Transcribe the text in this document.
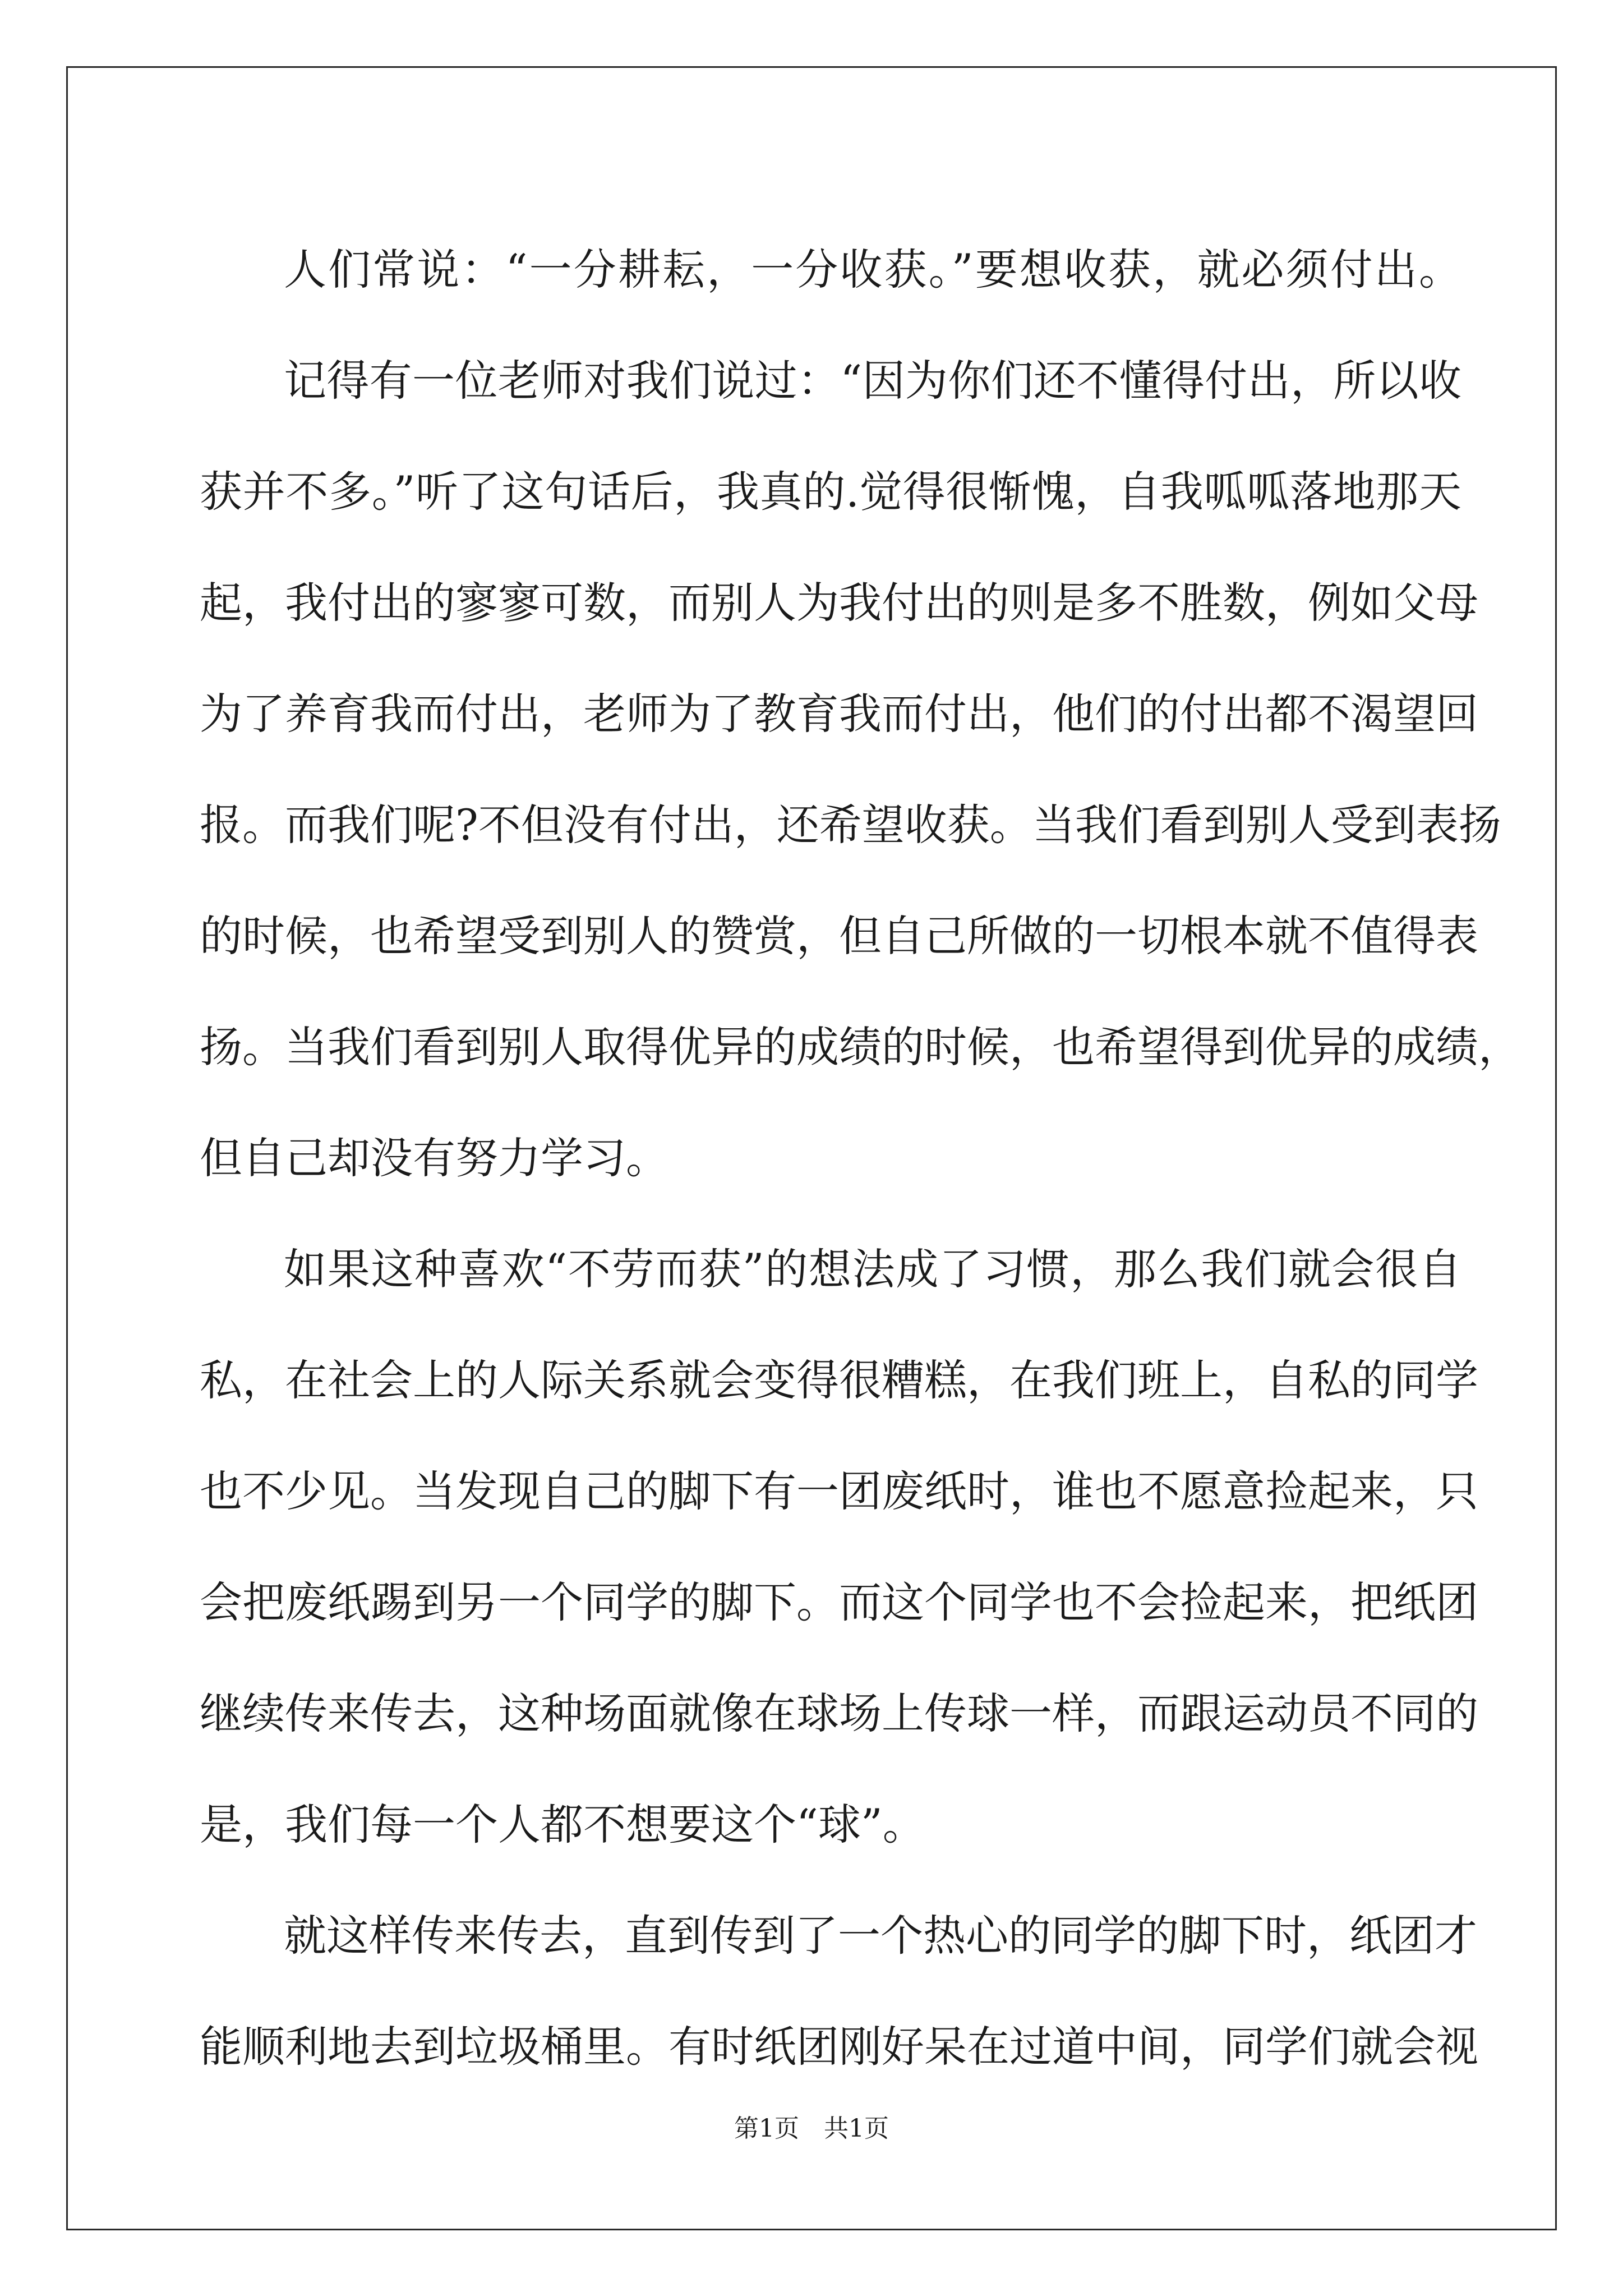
人们常说：“一分耕耘，一分收获。”要想收获，就必须付出。

记得有一位老师对我们说过：“因为你们还不懂得付出，所以收

获并不多。”听了这句话后，我真的.觉得很惭愧，自我呱呱落地那天

起，我付出的寥寥可数，而别人为我付出的则是多不胜数，例如父母

为了养育我而付出，老师为了教育我而付出，他们的付出都不渴望回

报。而我们呢?不但没有付出，还希望收获。当我们看到别人受到表扬

的时候，也希望受到别人的赞赏，但自己所做的一切根本就不值得表

扬。当我们看到别人取得优异的成绩的时候，也希望得到优异的成绩，

但自己却没有努力学习。

如果这种喜欢“不劳而获”的想法成了习惯，那么我们就会很自

私，在社会上的人际关系就会变得很糟糕，在我们班上，自私的同学

也不少见。当发现自己的脚下有一团废纸时，谁也不愿意捡起来，只

会把废纸踢到另一个同学的脚下。而这个同学也不会捡起来，把纸团

继续传来传去，这种场面就像在球场上传球一样，而跟运动员不同的

是，我们每一个人都不想要这个“球”。

就这样传来传去，直到传到了一个热心的同学的脚下时，纸团才

能顺利地去到垃圾桶里。有时纸团刚好呆在过道中间，同学们就会视

第1页 共1页
